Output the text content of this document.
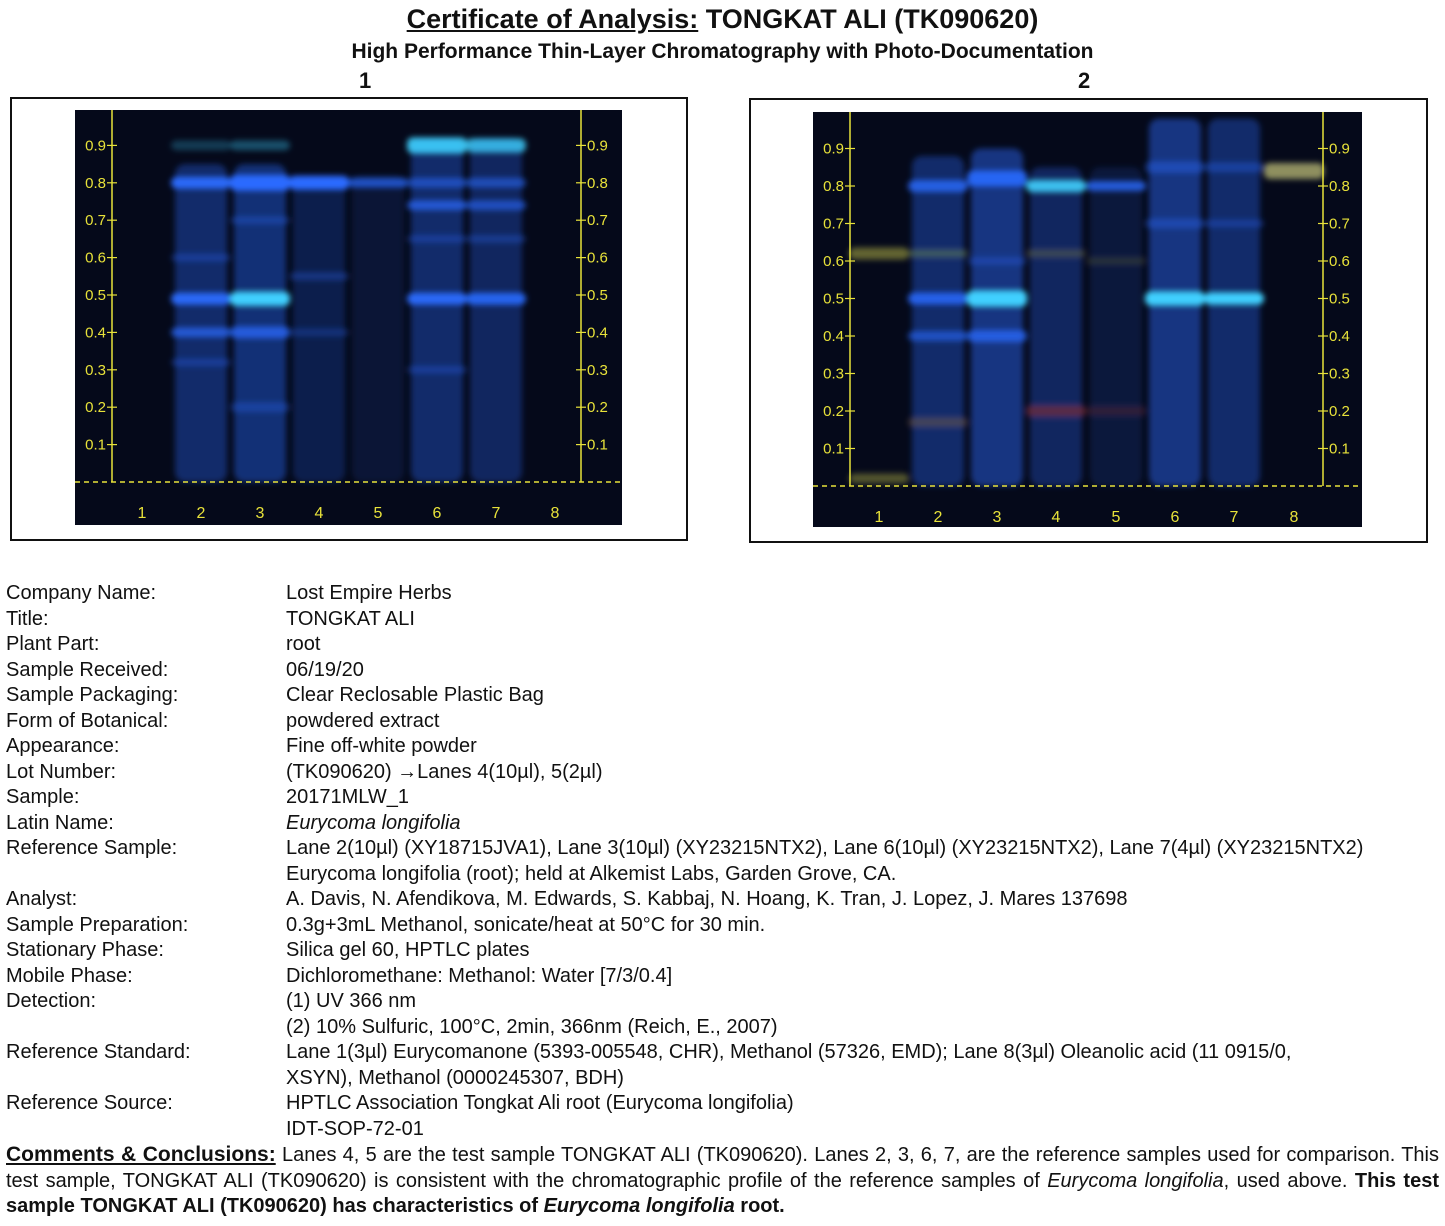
Certificate of Analysis: TONGKAT ALI (TK090620)
High Performance Thin-Layer Chromatography with Photo-Documentation
1	2
0.9	0.9
0.8	0.8
0.7	0.7
0.6	0.6
0.5	0.5
0.4	0.4
0.3	0.3
0.2	0.2
0.1	0.1
1	2	3	4	5	6	7	8
0.9	0.9
0.8	0.8
0.7	0.7
0.6	0.6
0.5	0.5
0.4	0.4
0.3	0.3
0.2	0.2
0.1	0.1
1	2	3	4	5	6	7	8
Company Name:	Lost Empire Herbs
Title:	TONGKAT ALI
Plant Part:	root
Sample Received:	06/19/20
Sample Packaging:	Clear Reclosable Plastic Bag
Form of Botanical:	powdered extract
Appearance:	Fine off-white powder
Lot Number:	(TK090620) →Lanes 4(10µl), 5(2µl)
Sample:	20171MLW_1
Latin Name:	Eurycoma longifolia
Reference Sample:	Lane 2(10µl) (XY18715JVA1), Lane 3(10µl) (XY23215NTX2), Lane 6(10µl) (XY23215NTX2), Lane 7(4µl) (XY23215NTX2)
Eurycoma longifolia (root); held at Alkemist Labs, Garden Grove, CA.
Analyst:	A. Davis, N. Afendikova, M. Edwards, S. Kabbaj, N. Hoang, K. Tran, J. Lopez, J. Mares 137698
Sample Preparation:	0.3g+3mL Methanol, sonicate/heat at 50°C for 30 min.
Stationary Phase:	Silica gel 60, HPTLC plates
Mobile Phase:	Dichloromethane: Methanol: Water [7/3/0.4]
Detection:	(1) UV 366 nm
(2) 10% Sulfuric, 100°C, 2min, 366nm (Reich, E., 2007)
Reference Standard:	Lane 1(3µl) Eurycomanone (5393-005548, CHR), Methanol (57326, EMD); Lane 8(3µl) Oleanolic acid (11 0915/0,
XSYN), Methanol (0000245307, BDH)
Reference Source:	HPTLC Association Tongkat Ali root (Eurycoma longifolia)
IDT-SOP-72-01
Comments & Conclusions: Lanes 4, 5 are the test sample TONGKAT ALI (TK090620). Lanes 2, 3, 6, 7, are the reference samples used for comparison. This test sample, TONGKAT ALI (TK090620) is consistent with the chromatographic profile of the reference samples of Eurycoma longifolia, used above. This test sample TONGKAT ALI (TK090620) has characteristics of Eurycoma longifolia root.
